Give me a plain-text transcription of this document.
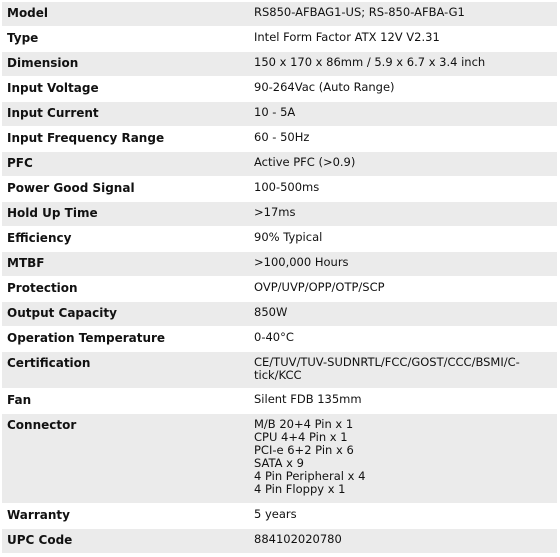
Model	RS850-AFBAG1-US; RS-850-AFBA-G1
Type	Intel Form Factor ATX 12V V2.31
Dimension	150 x 170 x 86mm / 5.9 x 6.7 x 3.4 inch
Input Voltage	90-264Vac (Auto Range)
Input Current	10 - 5A
Input Frequency Range	60 - 50Hz
PFC	Active PFC (>0.9)
Power Good Signal	100-500ms
Hold Up Time	>17ms
Efficiency	90% Typical
MTBF	>100,000 Hours
Protection	OVP/UVP/OPP/OTP/SCP
Output Capacity	850W
Operation Temperature	0-40°C
Certification	CE/TUV/TUV-SUDNRTL/FCC/GOST/CCC/BSMI/C-
tick/KCC
Fan	Silent FDB 135mm
Connector	M/B 20+4 Pin x 1
CPU 4+4 Pin x 1
PCI-e 6+2 Pin x 6
SATA x 9
4 Pin Peripheral x 4
4 Pin Floppy x 1
Warranty	5 years
UPC Code	884102020780
